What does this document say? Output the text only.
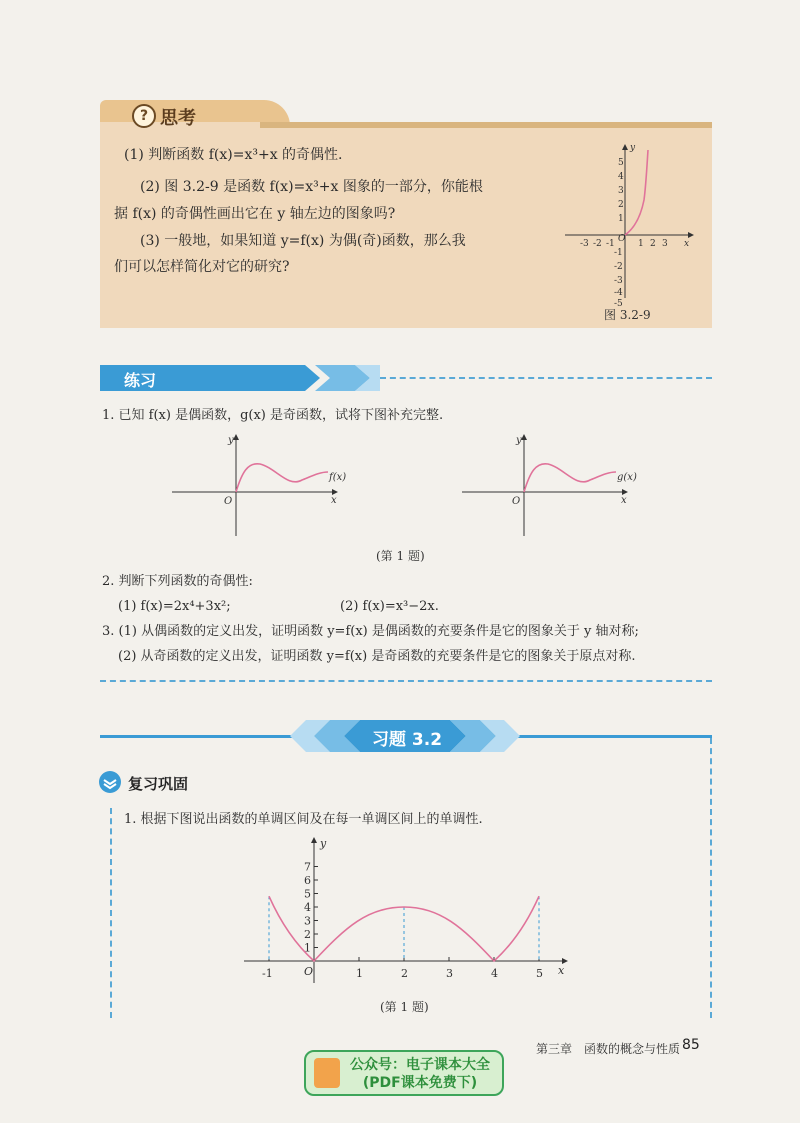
? 思考
(1) 判断函数 f(x)=x³+x 的奇偶性.
(2) 图 3.2-9 是函数 f(x)=x³+x 图象的一部分，你能根
据 f(x) 的奇偶性画出它在 y 轴左边的图象吗?
(3) 一般地，如果知道 y=f(x) 为偶(奇)函数，那么我
们可以怎样简化对它的研究?
-3 -2 -1	1 2 3
5
4
3
2
1
-1
-2
-3
-4
-5
O	x
y
图 3.2-9
练习
1. 已知 f(x) 是偶函数，g(x) 是奇函数，试将下图补充完整.
f(x)
x
y
O
g(x)
x
y
O
(第 1 题)
2. 判断下列函数的奇偶性:
(1) f(x)=2x⁴+3x²;	(2) f(x)=x³−2x.
3. (1) 从偶函数的定义出发，证明函数 y=f(x) 是偶函数的充要条件是它的图象关于 y 轴对称;
(2) 从奇函数的定义出发，证明函数 y=f(x) 是奇函数的充要条件是它的图象关于原点对称.
习题 3.2
复习巩固
1. 根据下图说出函数的单调区间及在每一单调区间上的单调性.
1
2
3
4
5
6
7
-1	1	2	3	4	5
O	x
y
(第 1 题)
第三章　函数的概念与性质 85
公众号：电子课本大全
(PDF课本免费下)
